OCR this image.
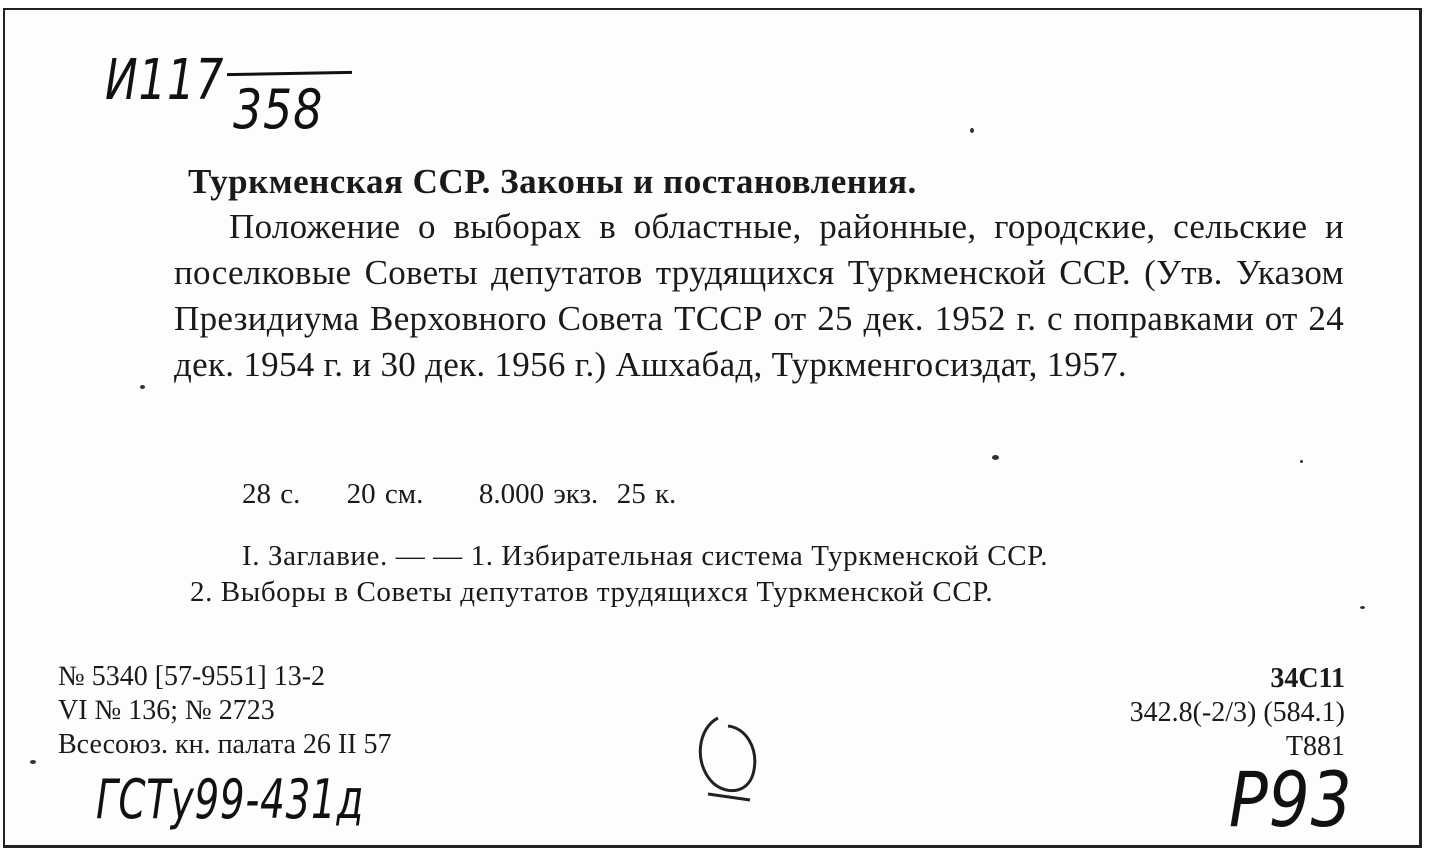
И117 358

Туркменская ССР. Законы и постановления.

Положение о выборах в областные, районные, городские, сельские и поселковые Советы депутатов трудящихся Туркменской ССР. (Утв. Указом Президиума Верховного Совета ТССР от 25 дек. 1952 г. с поправками от 24 дек. 1954 г. и 30 дек. 1956 г.) Ашхабад, Туркменгосиздат, 1957.

28 с. 20 см. 8.000 экз. 25 к.
I. Заглавие. — — 1. Избирательная система Туркменской ССР.
2. Выборы в Советы депутатов трудящихся Туркменской ССР.
№ 5340 [57-9551] 13-2
VI № 136; № 2723
Всесоюз. кн. палата 26 II 57
34С11
342.8(-2/3) (584.1)
Т881
ГСТу99-431д	Р93
